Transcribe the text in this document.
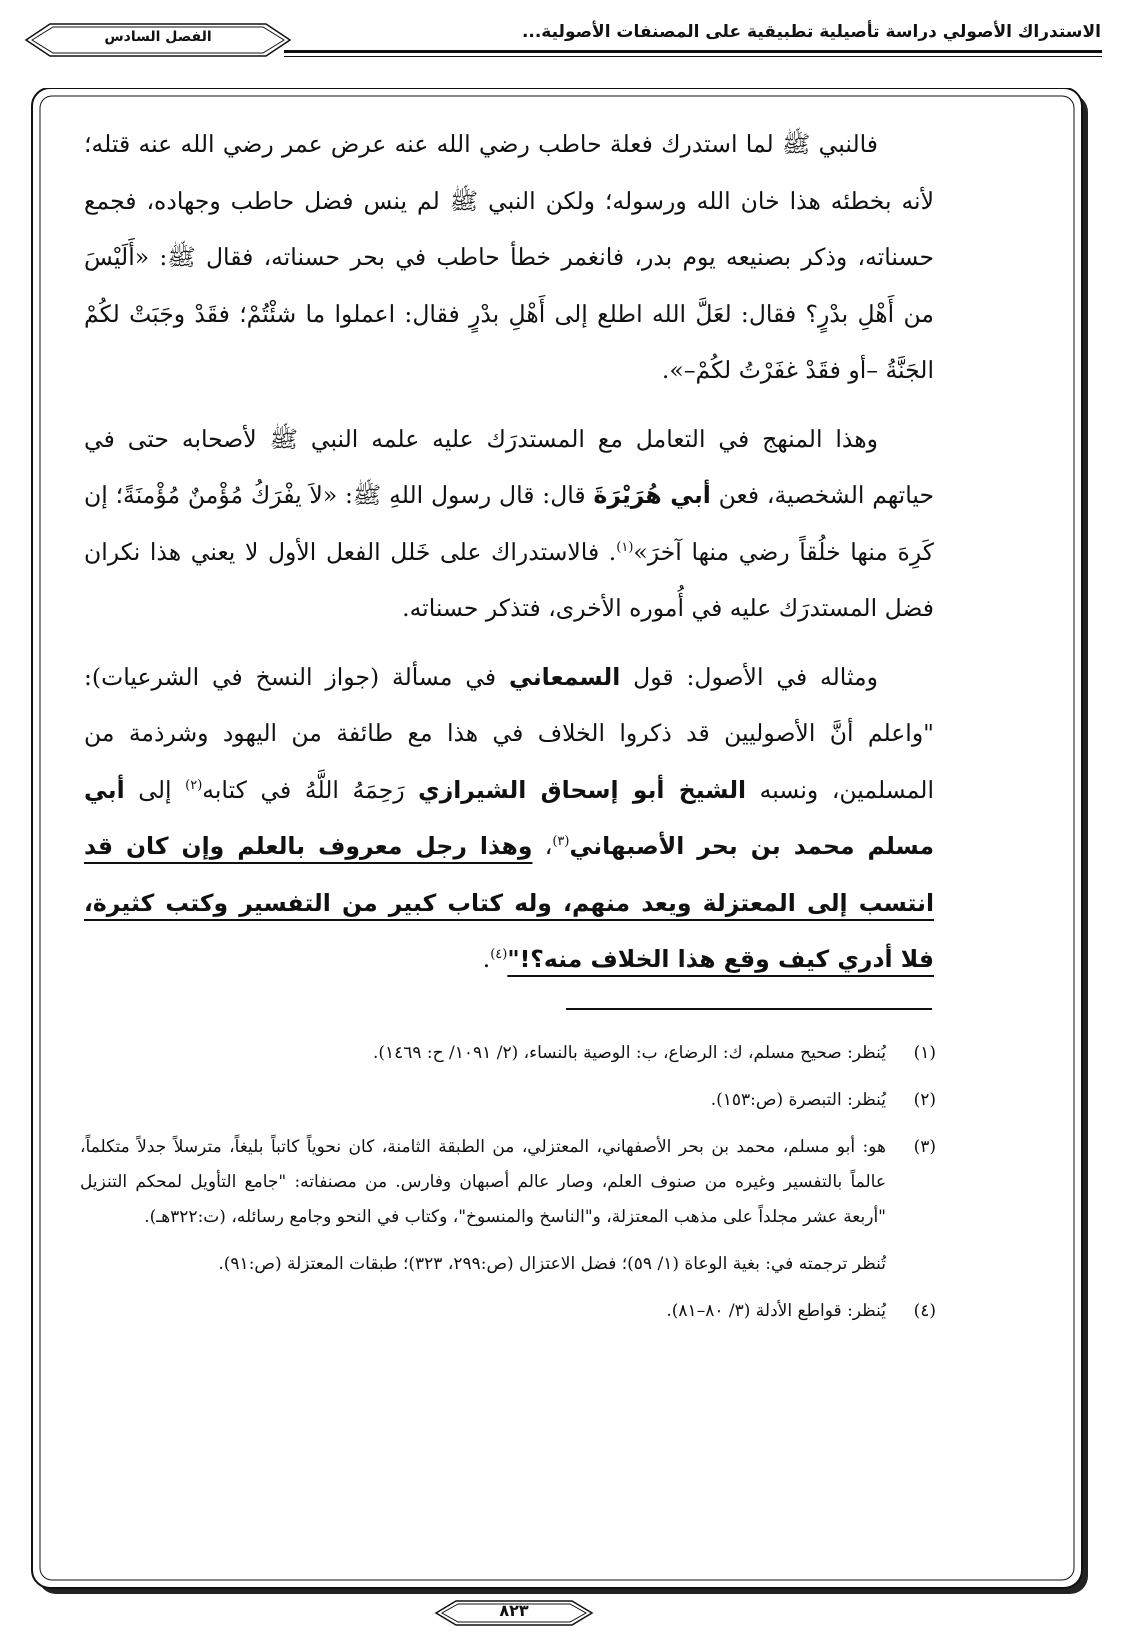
الاستدراك الأصولي دراسة تأصيلية تطبيقية على المصنفات الأصولية...
الفصل السادس

فالنبي ﷺ لما استدرك فعلة حاطب رضي الله عنه عرض عمر رضي الله عنه قتله؛ لأنه بخطئه هذا خان الله ورسوله؛ ولكن النبي ﷺ لم ينس فضل حاطب وجهاده، فجمع حسناته، وذكر بصنيعه يوم بدر، فانغمر خطأ حاطب في بحر حسناته، فقال ﷺ: «أَلَيْسَ من أَهْلِ بدْرٍ؟ فقال: لعَلَّ الله اطلع إلى أَهْلِ بدْرٍ فقال: اعملوا ما شئْتُمْ؛ فقَدْ وجَبَتْ لكُمْ الجَنَّةُ –أو فقَدْ غفَرْتُ لكُمْ–».

وهذا المنهج في التعامل مع المستدرَك عليه علمه النبي ﷺ لأصحابه حتى في حياتهم الشخصية، فعن أبي هُرَيْرَةَ قال: قال رسول اللهِ ﷺ: «لاَ يفْرَكُ مُؤْمنٌ مُؤْمنَةً؛ إن كَرِهَ منها خلُقاً رضي منها آخرَ»$^{(١)}$. فالاستدراك على خَلل الفعل الأول لا يعني هذا نكران فضل المستدرَك عليه في أُموره الأخرى، فتذكر حسناته.

ومثاله في الأصول: قول السمعاني في مسألة (جواز النسخ في الشرعيات): "واعلم أنَّ الأصوليين قد ذكروا الخلاف في هذا مع طائفة من اليهود وشرذمة من المسلمين، ونسبه الشيخ أبو إسحاق الشيرازي رَحِمَهُ اللَّهُ في كتابه$^{(٢)}$ إلى أبي مسلم محمد بن بحر الأصبهاني$^{(٣)}$، وهذا رجل معروف بالعلم وإن كان قد انتسب إلى المعتزلة ويعد منهم، وله كتاب كبير من التفسير وكتب كثيرة، فلا أدري كيف وقع هذا الخلاف منه؟!"$^{(٤)}$.

(١)
يُنظر: صحيح مسلم، ك: الرضاع، ب: الوصية بالنساء، (٢/ ١٠٩١/ ح: ١٤٦٩).
(٢)
يُنظر: التبصرة (ص:١٥٣).
(٣)
هو: أبو مسلم، محمد بن بحر الأصفهاني، المعتزلي، من الطبقة الثامنة، كان نحوياً كاتباً بليغاً، مترسلاً جدلاً متكلماً، عالماً بالتفسير وغيره من صنوف العلم، وصار عالم أصبهان وفارس. من مصنفاته: "جامع التأويل لمحكم التنزيل "أربعة عشر مجلداً على مذهب المعتزلة، و"الناسخ والمنسوخ"، وكتاب في النحو وجامع رسائله، (ت:٣٢٢هـ).
تُنظر ترجمته في: بغية الوعاة (١/ ٥٩)؛ فضل الاعتزال (ص:٢٩٩، ٣٢٣)؛ طبقات المعتزلة (ص:٩١).
(٤)
يُنظر: قواطع الأدلة (٣/ ٨٠–٨١).
٨٢٣
